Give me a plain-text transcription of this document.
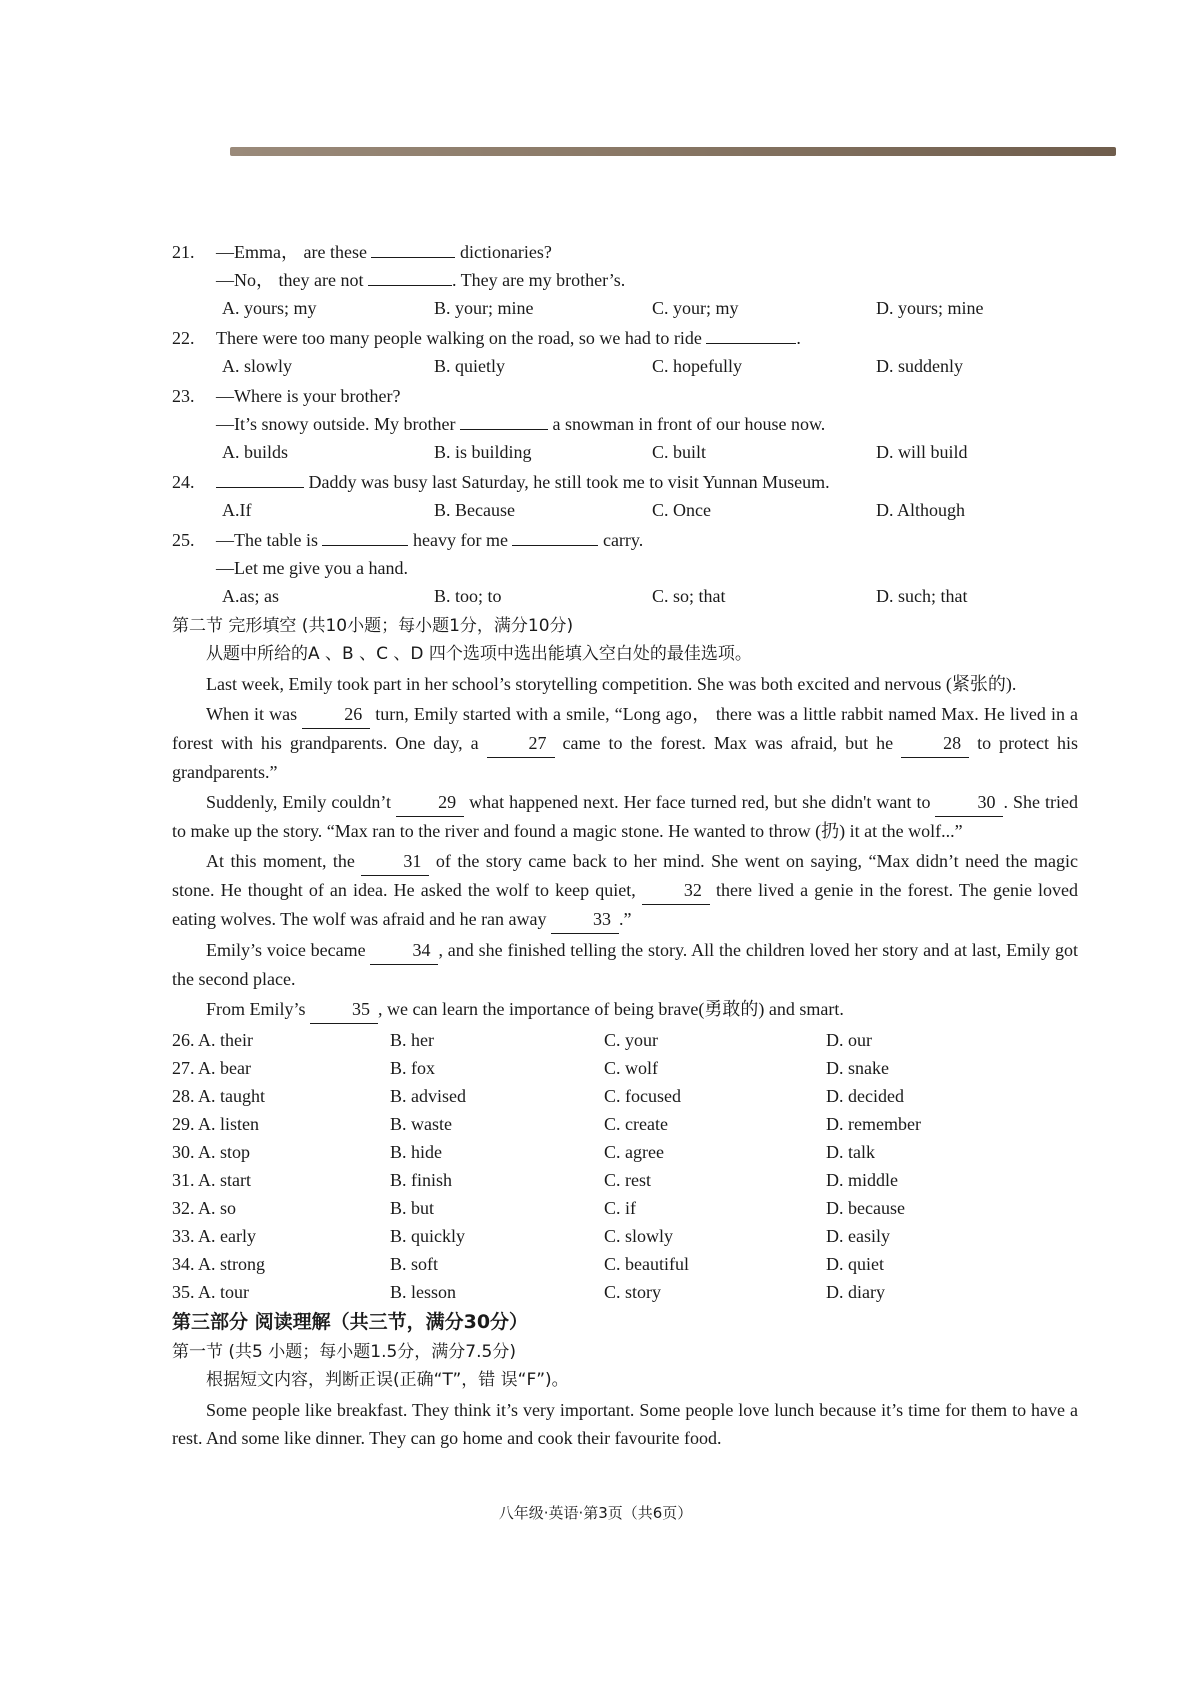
21. —Emma， are these	dictionaries?
—No， they are not	. They are my brother’s.
A. yours; my	B. your; mine	C. your; my	D. yours; mine
22. There were too many people walking on the road, so we had to ride	.
A. slowly	B. quietly	C. hopefully	D. suddenly
23. —Where is your brother?
—It’s snowy outside. My brother	a snowman in front of our house now.
A. builds	B. is building	C. built	D. will build
24.	Daddy was busy last Saturday, he still took me to visit Yunnan Museum.
A.If	B. Because	C. Once	D. Although
25. —The table is	heavy for me	carry.
—Let me give you a hand.
A.as; as	B. too; to	C. so; that	D. such; that
第二节 完形填空 (共10小题；每小题1分，满分10分)
从题中所给的A 、B 、C 、D 四个选项中选出能填入空白处的最佳选项。

Last week, Emily took part in her school’s storytelling competition. She was both excited and nervous (紧张的).

When it was	26 turn, Emily started with a smile, “Long ago， there was a little rabbit named Max. He lived in a forest with his grandparents. One day, a	27 came to the forest. Max was afraid, but he	28 to protect his grandparents.”

Suddenly, Emily couldn’t	29 what happened next. Her face turned red, but she didn't want to	30 . She tried to make up the story. “Max ran to the river and found a magic stone. He wanted to throw (扔) it at the wolf...”

At this moment, the	31 of the story came back to her mind. She went on saying, “Max didn’t need the magic stone. He thought of an idea. He asked the wolf to keep quiet,	32 there lived a genie in the forest. The genie loved eating wolves. The wolf was afraid and he ran away	33 .”

Emily’s voice became	34 , and she finished telling the story. All the children loved her story and at last, Emily got the second place.

From Emily’s	35 , we can learn the importance of being brave(勇敢的) and smart.

26. A. their	B. her	C. your	D. our
27. A. bear	B. fox	C. wolf	D. snake
28. A. taught	B. advised	C. focused	D. decided
29. A. listen	B. waste	C. create	D. remember
30. A. stop	B. hide	C. agree	D. talk
31. A. start	B. finish	C. rest	D. middle
32. A. so	B. but	C. if	D. because
33. A. early	B. quickly	C. slowly	D. easily
34. A. strong	B. soft	C. beautiful	D. quiet
35. A. tour	B. lesson	C. story	D. diary
第三部分 阅读理解（共三节，满分30分）
第一节 (共5 小题；每小题1.5分，满分7.5分)
根据短文内容，判断正误(正确“T”，错 误“F”)。

Some people like breakfast. They think it’s very important. Some people love lunch because it’s time for them to have a rest. And some like dinner. They can go home and cook their favourite food.

八年级·英语·第3页（共6页）
